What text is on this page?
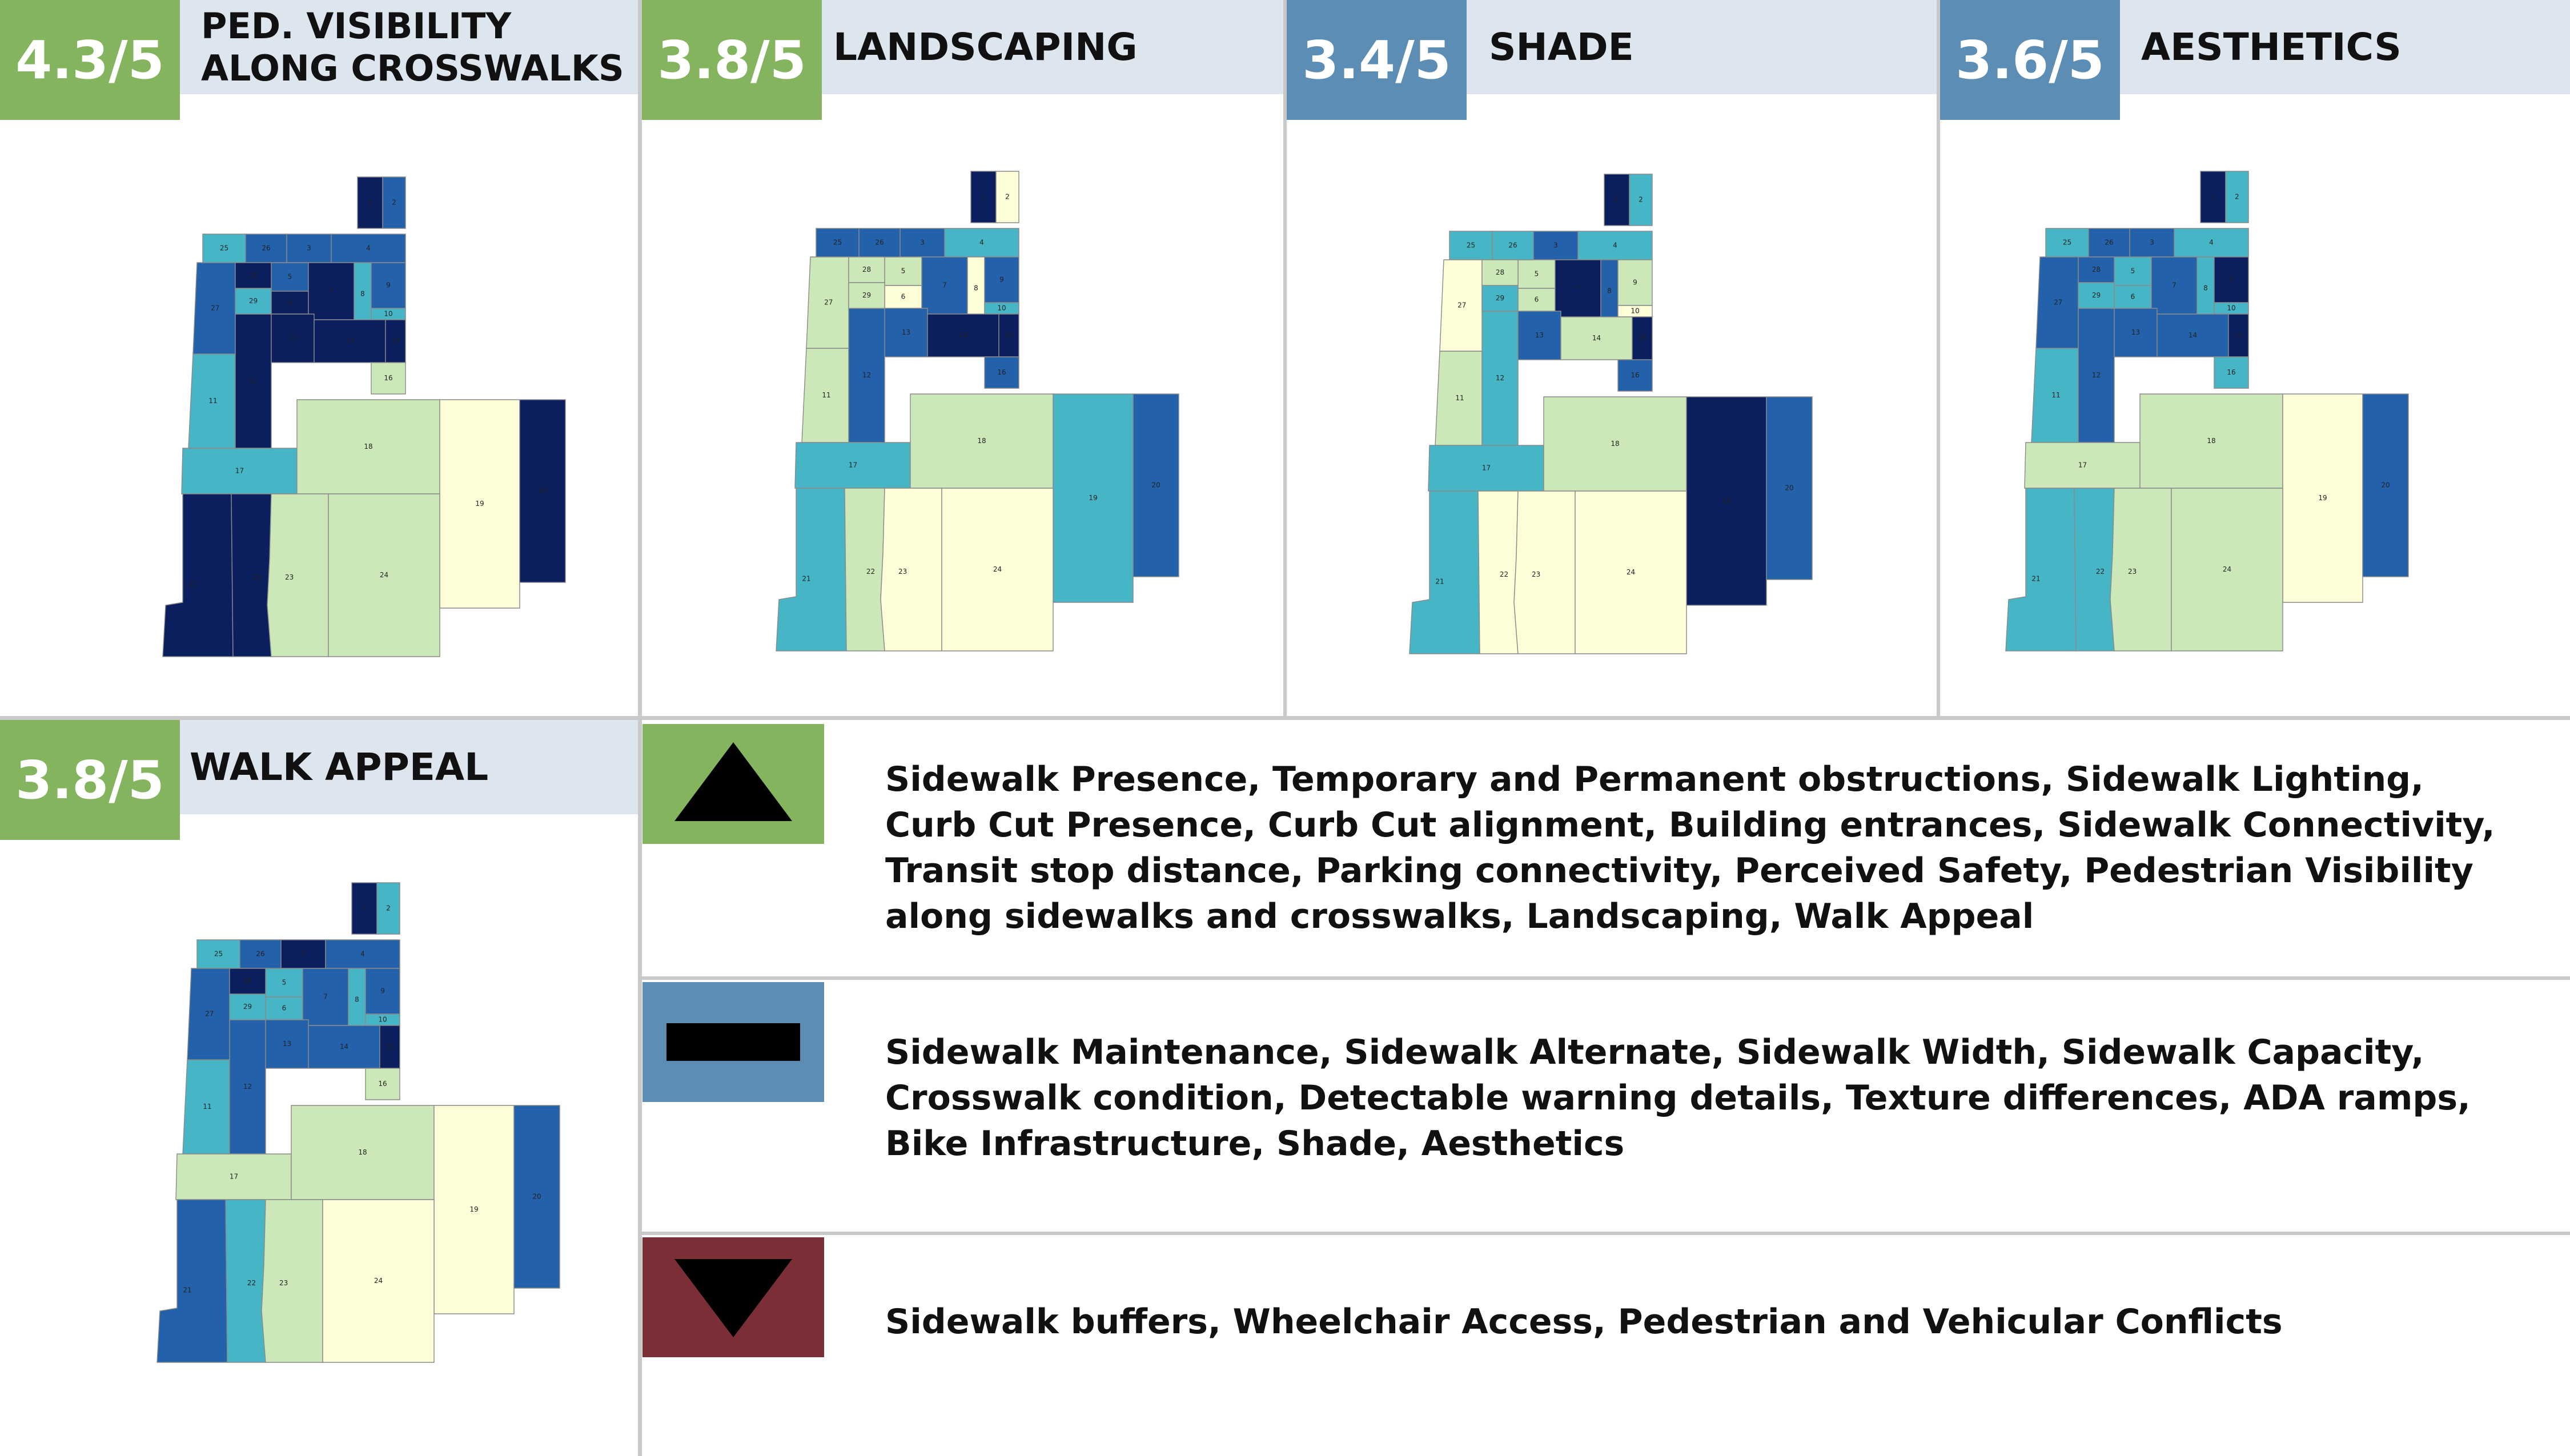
4.3/5
PED. VISIBILITY
ALONG CROSSWALKS
1	2
3	4
5
6
7	8
9
10
11
12
13	14	15
16
17
18
19
20
21
22	23	24
25	26
27
28
29
3.8/5 LANDSCAPING
1	2
3	4
5
6
7	8
9
10
11
12
13	14	15
16
17
18
19
20
21
22	23	24
25	26
27
28
29
3.4/5	SHADE
1	2
3	4
5
6
7	8
9
10
11
12
13	14	15
16
17
18
19
20
21
22	23	24
25	26
27
28
29
3.6/5 AESTHETICS
1	2
3	4
5
6
7	8
9
10
11
12
13	14	15
16
17
18
19
20
21
22	23	24
25	26
27
28
29
3.8/5 WALK APPEAL
1	2
3	4
5
6
7	8
9
10
11
12
13	14	15
16
17
18
19
20
21
22	23	24
25	26
27
28
29
Sidewalk Presence, Temporary and Permanent obstructions, Sidewalk Lighting, Curb Cut Presence, Curb Cut alignment, Building entrances, Sidewalk Connectivity, Transit stop distance, Parking connectivity, Perceived Safety, Pedestrian Visibility along sidewalks and crosswalks, Landscaping, Walk Appeal
Sidewalk Maintenance, Sidewalk Alternate, Sidewalk Width, Sidewalk Capacity, Crosswalk condition, Detectable warning details, Texture differences, ADA ramps, Bike Infrastructure, Shade, Aesthetics
Sidewalk buffers, Wheelchair Access, Pedestrian and Vehicular Conflicts
